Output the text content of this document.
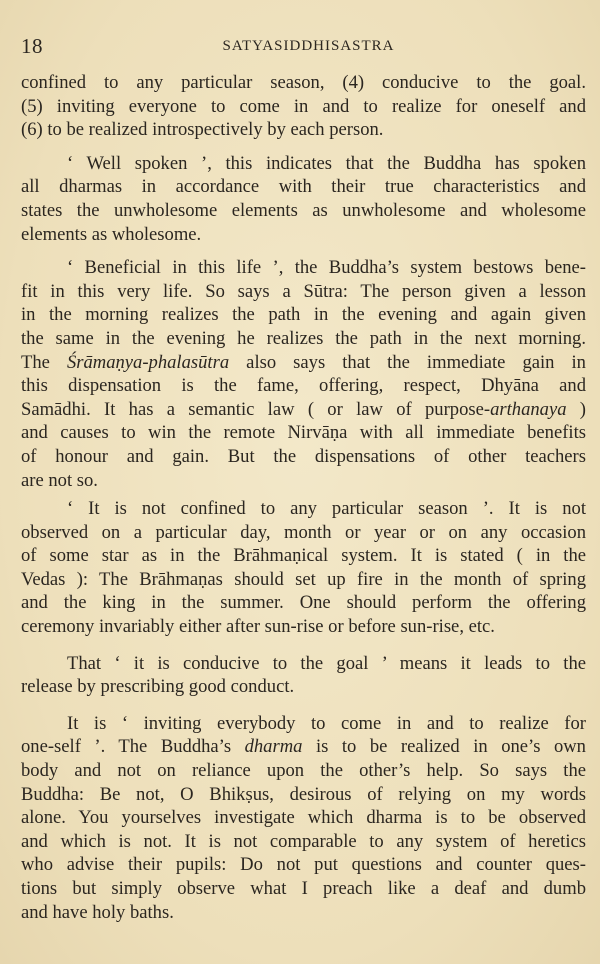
18	SATYASIDDHISASTRA
confined to any particular season, (4) conducive to the goal.
(5) inviting everyone to come in and to realize for oneself and
(6) to be realized introspectively by each person.
‘ Well spoken ’, this indicates that the Buddha has spoken
all dharmas in accordance with their true characteristics and
states the unwholesome elements as unwholesome and wholesome
elements as wholesome.
‘ Beneficial in this life ’, the Buddha’s system bestows bene-
fit in this very life. So says a Sūtra: The person given a lesson
in the morning realizes the path in the evening and again given
the same in the evening he realizes the path in the next morning.
The Śrāmaṇya-phalasūtra also says that the immediate gain in
this dispensation is the fame, offering, respect, Dhyāna and
Samādhi. It has a semantic law ( or law of purpose-arthanaya )
and causes to win the remote Nirvāṇa with all immediate benefits
of honour and gain. But the dispensations of other teachers
are not so.
‘ It is not confined to any particular season ’. It is not
observed on a particular day, month or year or on any occasion
of some star as in the Brāhmaṇical system. It is stated ( in the
Vedas ): The Brāhmaṇas should set up fire in the month of spring
and the king in the summer. One should perform the offering
ceremony invariably either after sun-rise or before sun-rise, etc.
That ‘ it is conducive to the goal ’ means it leads to the
release by prescribing good conduct.
It is ‘ inviting everybody to come in and to realize for
one-self ’. The Buddha’s dharma is to be realized in one’s own
body and not on reliance upon the other’s help. So says the
Buddha: Be not, O Bhikṣus, desirous of relying on my words
alone. You yourselves investigate which dharma is to be observed
and which is not. It is not comparable to any system of heretics
who advise their pupils: Do not put questions and counter ques-
tions but simply observe what I preach like a deaf and dumb
and have holy baths.
